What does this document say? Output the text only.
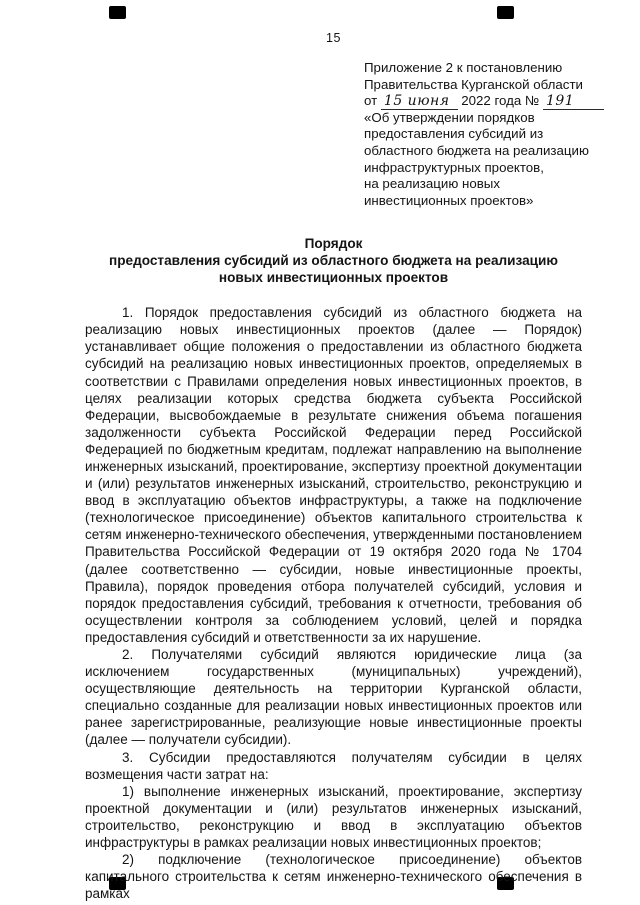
15
Приложение 2 к постановлению
Правительства Курганской области
от 15 июня 2022 года № 191
«Об утверждении порядков
предоставления субсидий из
областного бюджета на реализацию
инфраструктурных проектов,
на реализацию новых
инвестиционных проектов»
Порядок
предоставления субсидий из областного бюджета на реализацию
новых инвестиционных проектов

1. Порядок предоставления субсидий из областного бюджета на реализацию новых инвестиционных проектов (далее — Порядок) устанавливает общие положения о предоставлении из областного бюджета субсидий на реализацию новых инвестиционных проектов, определяемых в соответствии с Правилами определения новых инвестиционных проектов, в целях реализации которых средства бюджета субъекта Российской Федерации, высвобождаемые в результате снижения объема погашения задолженности субъекта Российской Федерации перед Российской Федерацией по бюджетным кредитам, подлежат направлению на выполнение инженерных изысканий, проектирование, экспертизу проектной документации и (или) результатов инженерных изысканий, строительство, реконструкцию и ввод в эксплуатацию объектов инфраструктуры, а также на подключение (технологическое присоединение) объектов капитального строительства к сетям инженерно-технического обеспечения, утвержденными постановлением Правительства Российской Федерации от 19 октября 2020 года № 1704 (далее соответственно — субсидии, новые инвестиционные проекты, Правила), порядок проведения отбора получателей субсидий, условия и порядок предоставления субсидий, требования к отчетности, требования об осуществлении контроля за соблюдением условий, целей и порядка предоставления субсидий и ответственности за их нарушение.

2. Получателями субсидий являются юридические лица (за исключением государственных (муниципальных) учреждений), осуществляющие деятельность на территории Курганской области, специально созданные для реализации новых инвестиционных проектов или ранее зарегистрированные, реализующие новые инвестиционные проекты (далее — получатели субсидии).

3. Субсидии предоставляются получателям субсидии в целях возмещения части затрат на:

1) выполнение инженерных изысканий, проектирование, экспертизу проектной документации и (или) результатов инженерных изысканий, строительство, реконструкцию и ввод в эксплуатацию объектов инфраструктуры в рамках реализации новых инвестиционных проектов;

2) подключение (технологическое присоединение) объектов капитального строительства к сетям инженерно-технического обеспечения в рамках
